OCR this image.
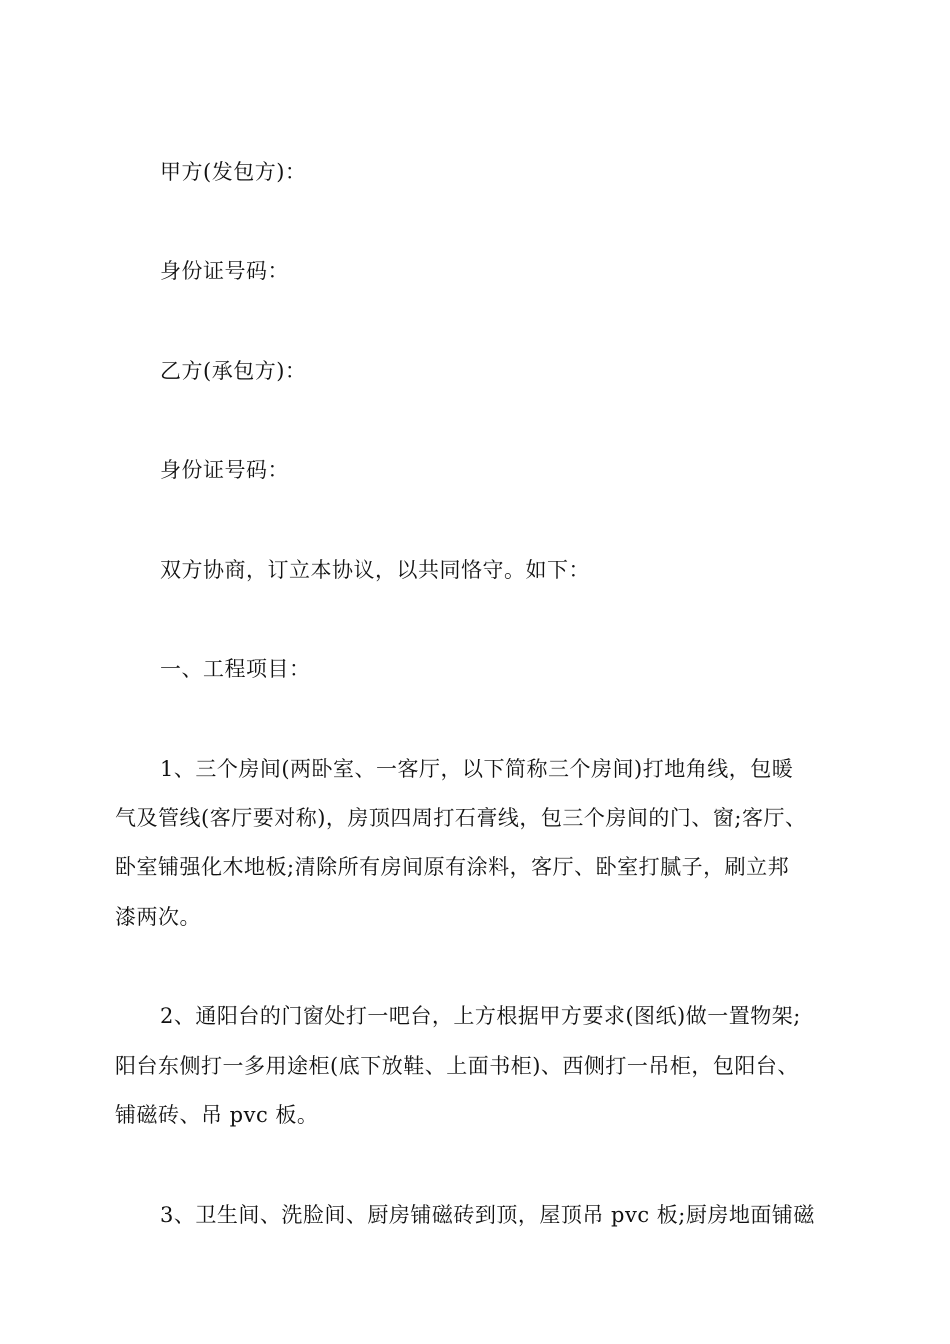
甲方(发包方)：
身份证号码：
乙方(承包方)：
身份证号码：
双方协商，订立本协议，以共同恪守。如下：
一、工程项目：
1、三个房间(两卧室、一客厅，以下简称三个房间)打地角线，包暖
气及管线(客厅要对称)，房顶四周打石膏线，包三个房间的门、窗;客厅、
卧室铺强化木地板;清除所有房间原有涂料，客厅、卧室打腻子，刷立邦
漆两次。
2、通阳台的门窗处打一吧台，上方根据甲方要求(图纸)做一置物架;
阳台东侧打一多用途柜(底下放鞋、上面书柜)、西侧打一吊柜，包阳台、
铺磁砖、吊 pvc 板。
3、卫生间、洗脸间、厨房铺磁砖到顶，屋顶吊 pvc 板;厨房地面铺磁
